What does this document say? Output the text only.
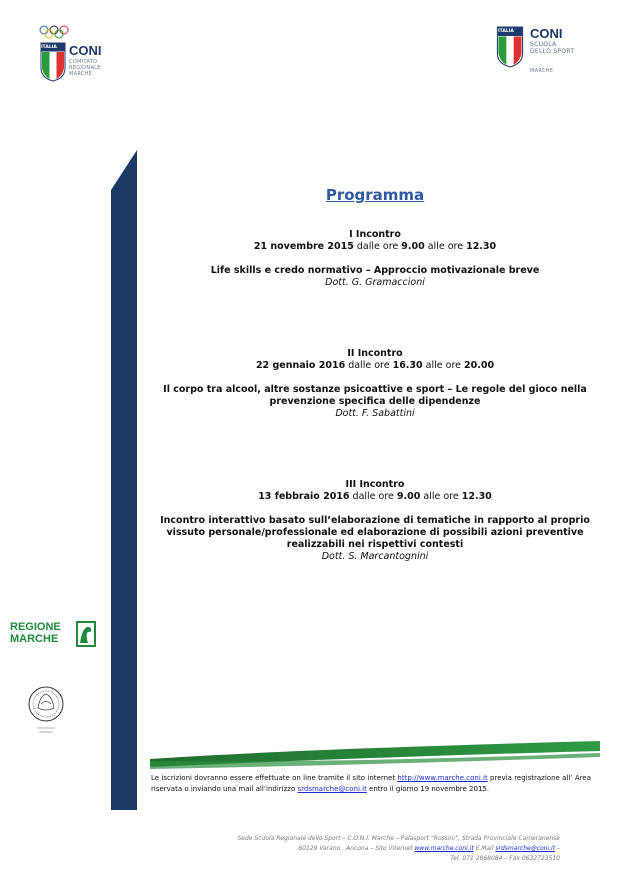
ITALIA CONI
COMITATO
REGIONALE
MARCHE
ITALIA CONI
SCUOLA
DELLO SPORT
MARCHE
Programma
I Incontro
21 novembre 2015 dalle ore 9.00 alle ore 12.30
Life skills e credo normativo – Approccio motivazionale breve
Dott. G. Gramaccioni
II Incontro
22 gennaio 2016 dalle ore 16.30 alle ore 20.00
Il corpo tra alcool, altre sostanze psicoattive e sport – Le regole del gioco nella
prevenzione specifica delle dipendenze
Dott. F. Sabattini
III Incontro
13 febbraio 2016 dalle ore 9.00 alle ore 12.30
Incontro interattivo basato sull’elaborazione di tematiche in rapporto al proprio
vissuto personale/professionale ed elaborazione di possibili azioni preventive
realizzabili nei rispettivi contesti
Dott. S. Marcantognini
REGIONE
MARCHE
Le iscrizioni dovranno essere effettuate on line tramite il sito internet http://www.marche.coni.it previa registrazione all’ Area riservata o inviando una mail all’indirizzo srdsmarche@coni.it entro il giorno 19 novembre 2015.
Sede Scuola Regionale dello Sport – C.O.N.I. Marche – Palasport “Rossini”, Strada Provinciale Cameranense
60129 Varano . Ancona – Sito internet www.marche.coni.it E.Mail srdsmarche@coni.it –
Tel. 071 2868084 – Fax 0632723510
